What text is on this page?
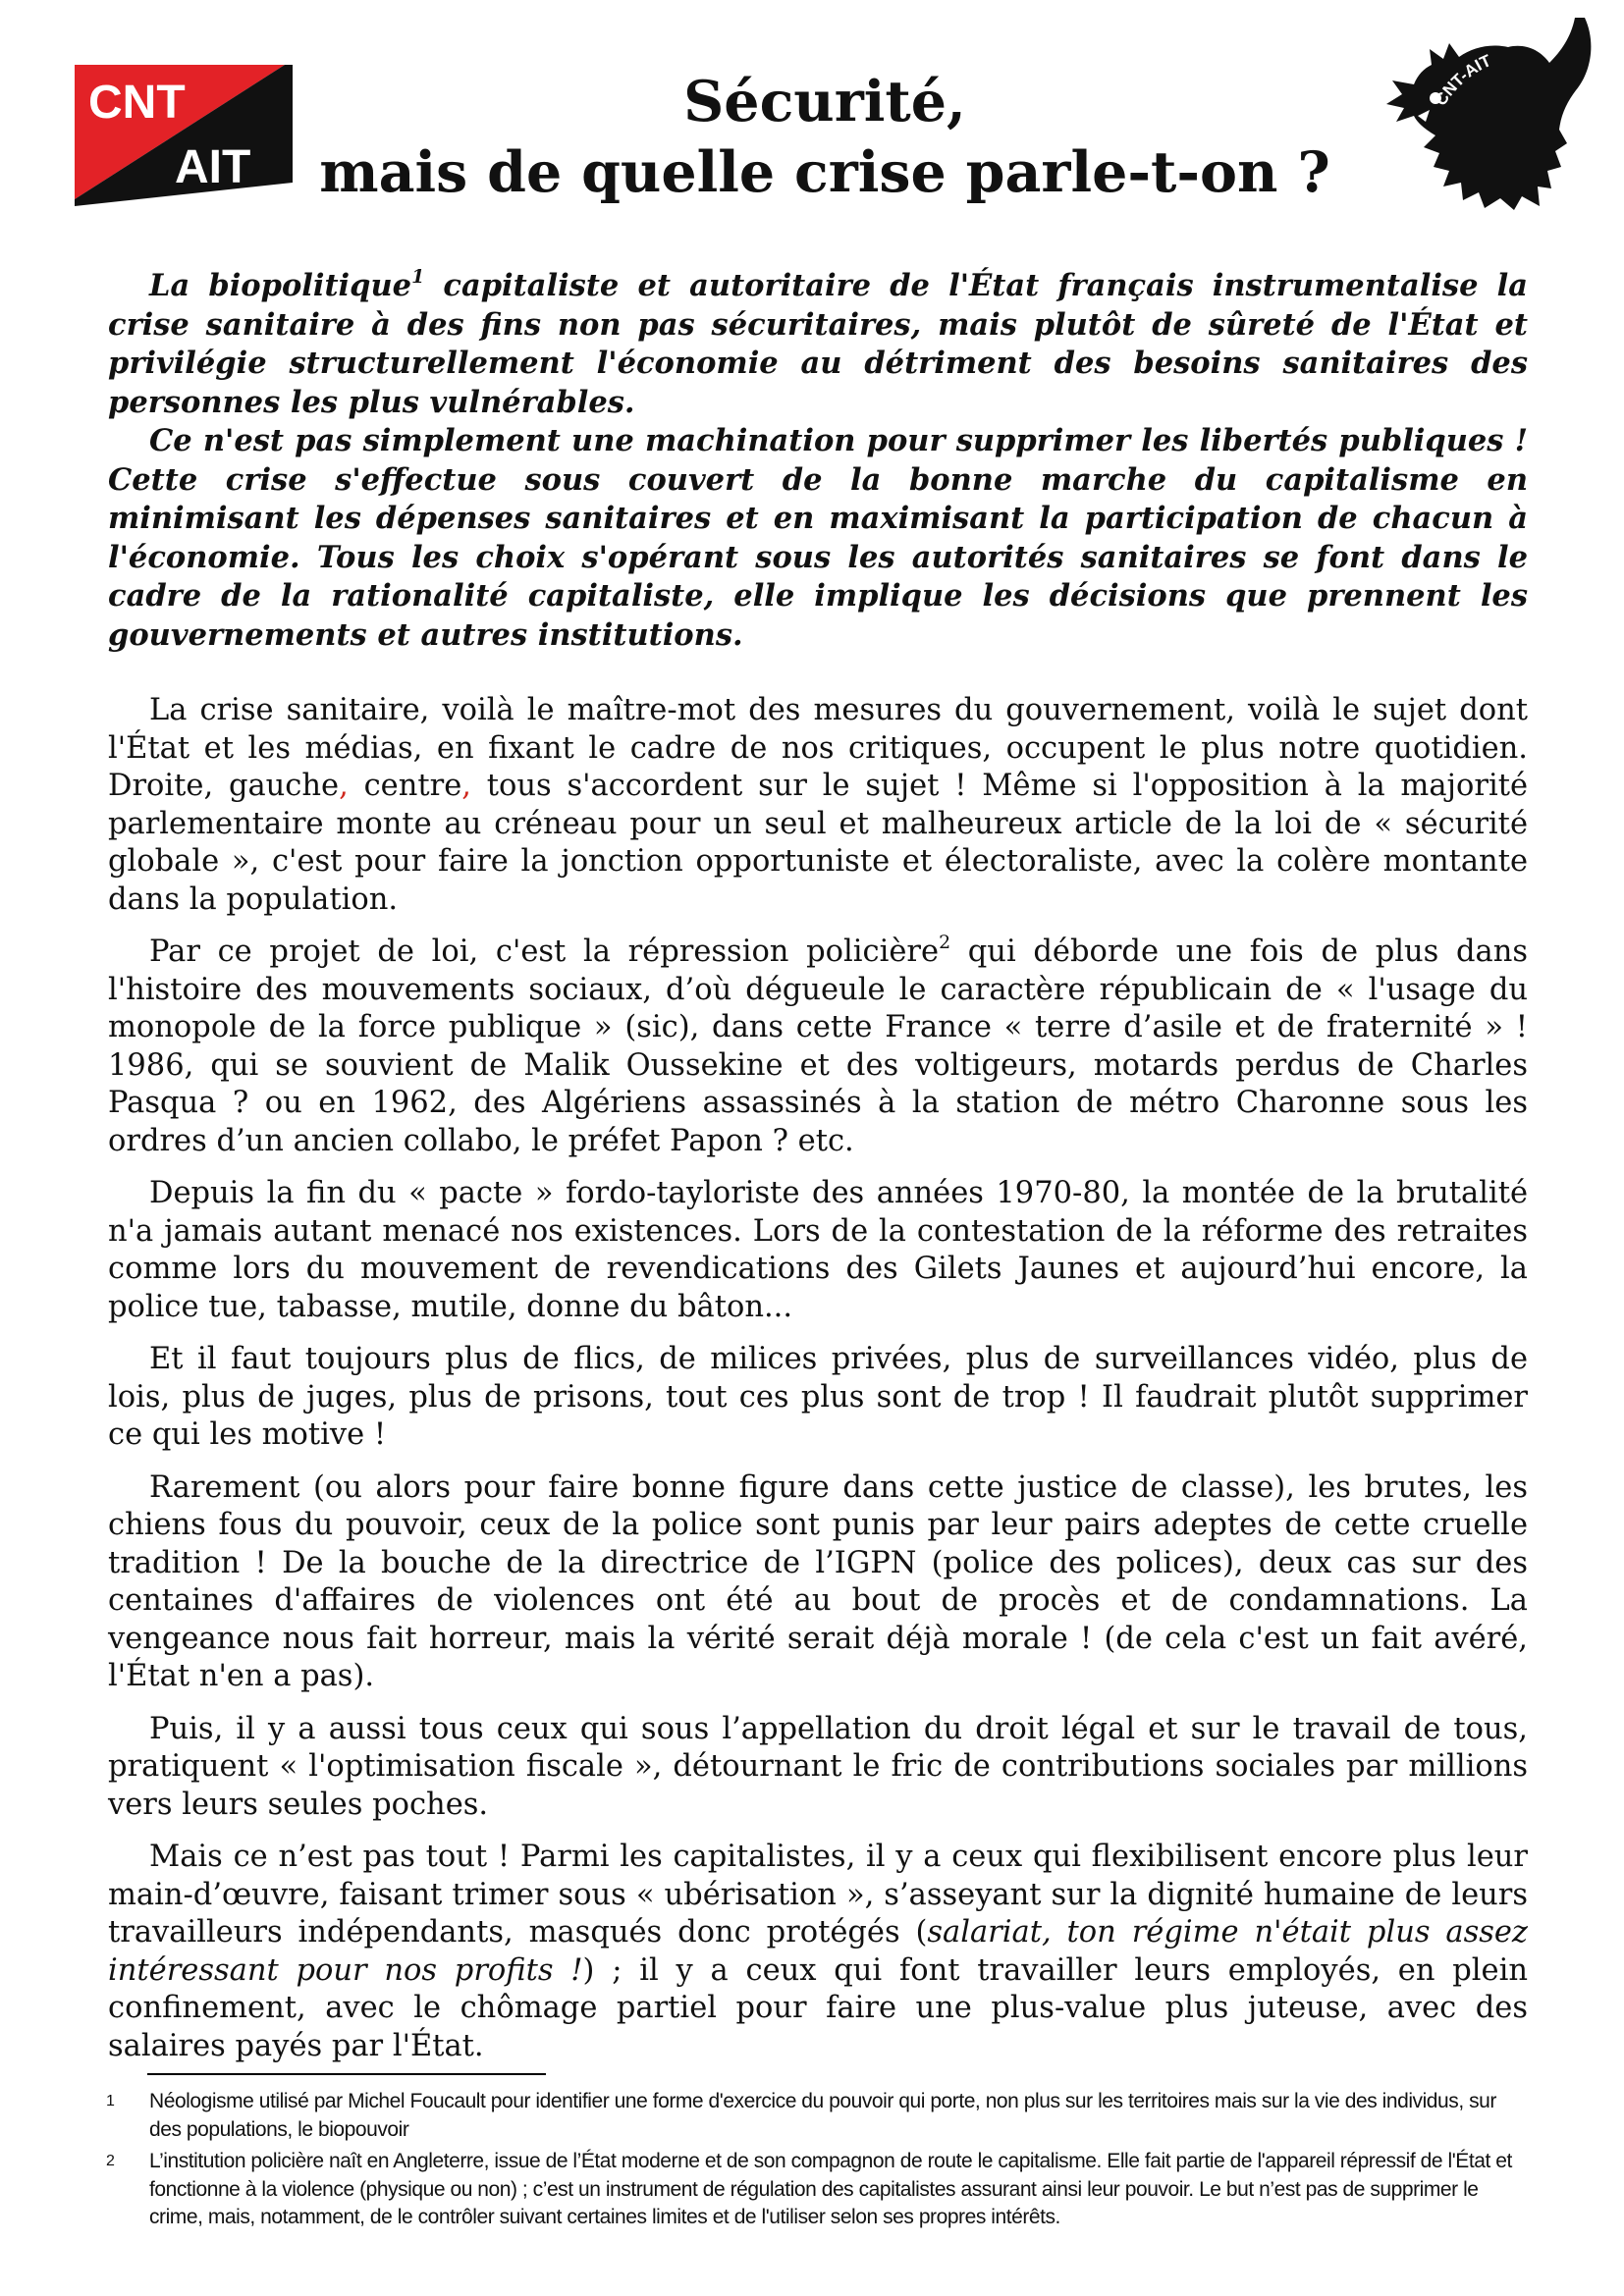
CNT
AIT
CNT-AIT
Sécurité,
mais de quelle crise parle-t-on ?

La biopolitique$^1$ capitaliste et autoritaire de l'État français instrumentalise la crise sanitaire à des fins non pas sécuritaires, mais plutôt de sûreté de l'État et privilégie structurellement l'économie au détriment des besoins sanitaires des personnes les plus vulnérables.

Ce n'est pas simplement une machination pour supprimer les libertés publiques ! Cette crise s'effectue sous couvert de la bonne marche du capitalisme en minimisant les dépenses sanitaires et en maximisant la participation de chacun à l'économie. Tous les choix s'opérant sous les autorités sanitaires se font dans le cadre de la rationalité capitaliste, elle implique les décisions que prennent les gouvernements et autres institutions.

La crise sanitaire, voilà le maître-mot des mesures du gouvernement, voilà le sujet dont l'État et les médias, en fixant le cadre de nos critiques, occupent le plus notre quotidien. Droite, gauche, centre, tous s'accordent sur le sujet ! Même si l'opposition à la majorité parlementaire monte au créneau pour un seul et malheureux article de la loi de « sécurité globale », c'est pour faire la jonction opportuniste et électoraliste, avec la colère montante dans la population.

Par ce projet de loi, c'est la répression policière$^2$ qui déborde une fois de plus dans l'histoire des mouvements sociaux, d’où dégueule le caractère républicain de « l'usage du monopole de la force publique » (sic), dans cette France « terre d’asile et de fraternité » ! 1986, qui se souvient de Malik Oussekine et des voltigeurs, motards perdus de Charles Pasqua ? ou en 1962, des Algériens assassinés à la station de métro Charonne sous les ordres d’un ancien collabo, le préfet Papon ? etc.

Depuis la fin du « pacte » fordo-tayloriste des années 1970-80, la montée de la brutalité n'a jamais autant menacé nos existences. Lors de la contestation de la réforme des retraites comme lors du mouvement de revendications des Gilets Jaunes et aujourd’hui encore, la police tue, tabasse, mutile, donne du bâton...

Et il faut toujours plus de flics, de milices privées, plus de surveillances vidéo, plus de lois, plus de juges, plus de prisons, tout ces plus sont de trop ! Il faudrait plutôt supprimer ce qui les motive !

Rarement (ou alors pour faire bonne figure dans cette justice de classe), les brutes, les chiens fous du pouvoir, ceux de la police sont punis par leur pairs adeptes de cette cruelle tradition ! De la bouche de la directrice de l’IGPN (police des polices), deux cas sur des centaines d'affaires de violences ont été au bout de procès et de condamnations. La vengeance nous fait horreur, mais la vérité serait déjà morale ! (de cela c'est un fait avéré, l'État n'en a pas).

Puis, il y a aussi tous ceux qui sous l’appellation du droit légal et sur le travail de tous, pratiquent « l'optimisation fiscale », détournant le fric de contributions sociales par millions vers leurs seules poches.

Mais ce n’est pas tout ! Parmi les capitalistes, il y a ceux qui flexibilisent encore plus leur main-d’œuvre, faisant trimer sous « ubérisation », s’asseyant sur la dignité humaine de leurs travailleurs indépendants, masqués donc protégés (salariat, ton régime n'était plus assez intéressant pour nos profits !) ; il y a ceux qui font travailler leurs employés, en plein confinement, avec le chômage partiel pour faire une plus-value plus juteuse, avec des salaires payés par l'État.

1 Néologisme utilisé par Michel Foucault pour identifier une forme d'exercice du pouvoir qui porte, non plus sur les territoires mais sur la vie des individus, sur des populations, le biopouvoir
2 L’institution policière naît en Angleterre, issue de l’État moderne et de son compagnon de route le capitalisme. Elle fait partie de l'appareil répressif de l'État et fonctionne à la violence (physique ou non) ; c’est un instrument de régulation des capitalistes assurant ainsi leur pouvoir. Le but n’est pas de supprimer le crime, mais, notamment, de le contrôler suivant certaines limites et de l'utiliser selon ses propres intérêts.
